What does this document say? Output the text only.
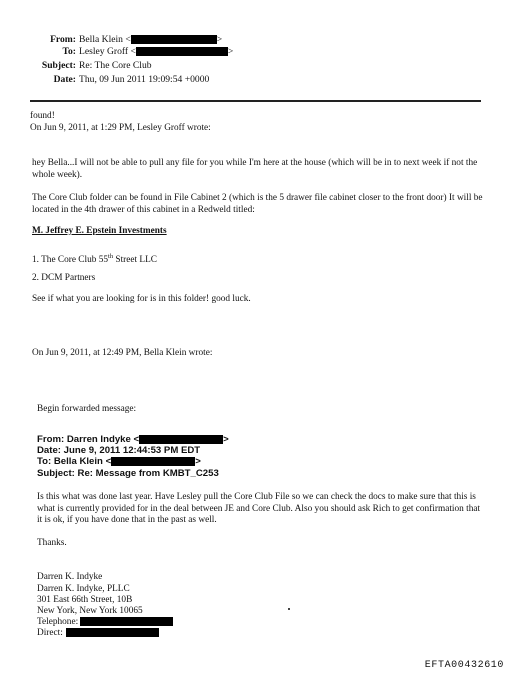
From: Bella Klein <	>
To: Lesley Groff <	>
Subject: Re: The Core Club
Date: Thu, 09 Jun 2011 19:09:54 +0000
found!
On Jun 9, 2011, at 1:29 PM, Lesley Groff wrote:
hey Bella...I will not be able to pull any file for you while I'm here at the house (which will be in to next week if not the whole week).
The Core Club folder can be found in File Cabinet 2 (which is the 5 drawer file cabinet closer to the front door) It will be located in the 4th drawer of this cabinet in a Redweld titled:
M. Jeffrey E. Epstein Investments
1. The Core Club 55th Street LLC
2. DCM Partners
See if what you are looking for is in this folder! good luck.
On Jun 9, 2011, at 12:49 PM, Bella Klein wrote:
Begin forwarded message:
From: Darren Indyke <	>
Date: June 9, 2011 12:44:53 PM EDT
To: Bella Klein <	>
Subject: Re: Message from KMBT_C253
Is this what was done last year. Have Lesley pull the Core Club File so we can check the docs to make sure that this is what is currently provided for in the deal between JE and Core Club. Also you should ask Rich to get confirmation that it is ok, if you have done that in the past as well.
Thanks.
Darren K. Indyke
Darren K. Indyke, PLLC
301 East 66th Street, 10B
New York, New York 10065
Telephone:
Direct:
EFTA00432610
